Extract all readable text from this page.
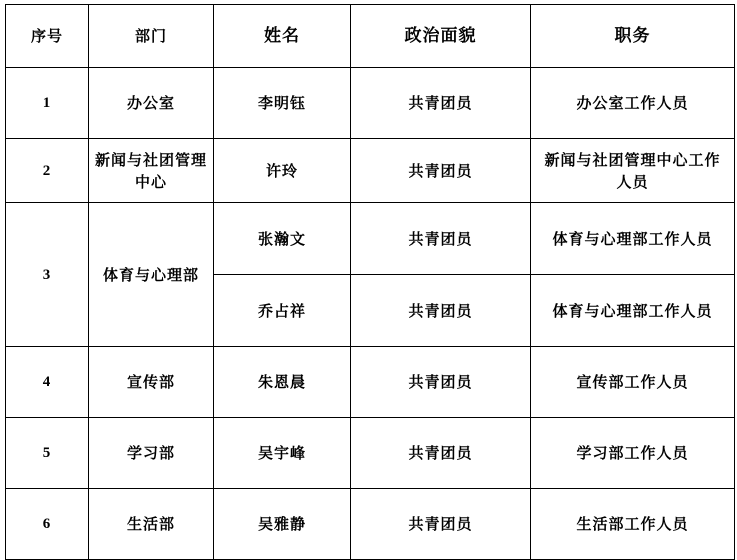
序号	部门	姓名	政治面貌	职务
1	办公室	李明钰	共青团员	办公室工作人员
2	新闻与社团管理中心	许玲	共青团员	新闻与社团管理中心工作人员
3	体育与心理部	张瀚文	共青团员	体育与心理部工作人员
		乔占祥	共青团员	体育与心理部工作人员
4	宣传部	朱恩晨	共青团员	宣传部工作人员
5	学习部	吴宇峰	共青团员	学习部工作人员
6	生活部	吴雅静	共青团员	生活部工作人员
